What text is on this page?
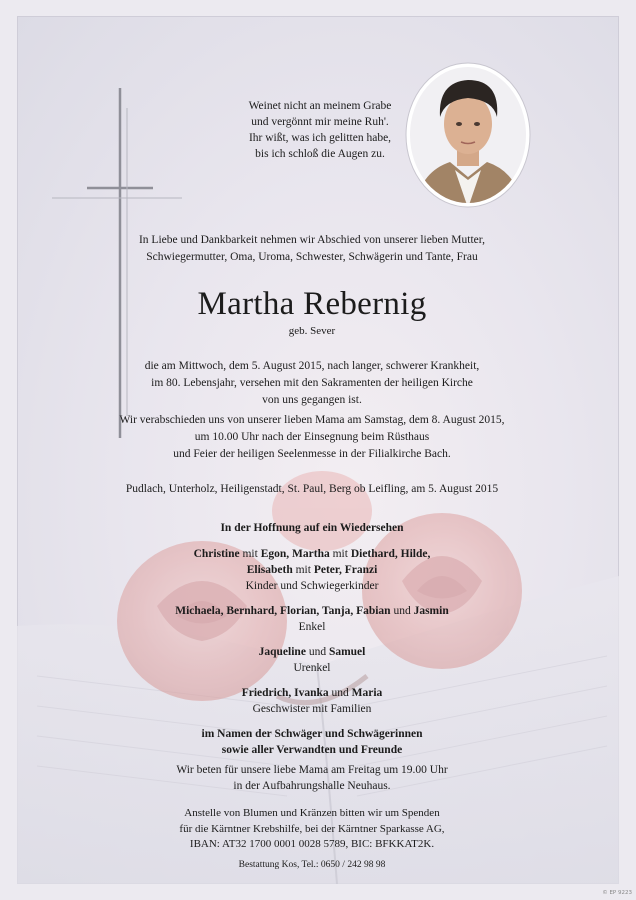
Weinet nicht an meinem Grabe
und vergönnt mir meine Ruh'.
Ihr wißt, was ich gelitten habe,
bis ich schloß die Augen zu.
In Liebe und Dankbarkeit nehmen wir Abschied von unserer lieben Mutter,
Schwiegermutter, Oma, Uroma, Schwester, Schwägerin und Tante, Frau
Martha Rebernig
geb. Sever
die am Mittwoch, dem 5. August 2015, nach langer, schwerer Krankheit,
im 80. Lebensjahr, versehen mit den Sakramenten der heiligen Kirche
von uns gegangen ist.
Wir verabschieden uns von unserer lieben Mama am Samstag, dem 8. August 2015,
um 10.00 Uhr nach der Einsegnung beim Rüsthaus
und Feier der heiligen Seelenmesse in der Filialkirche Bach.
Pudlach, Unterholz, Heiligenstadt, St. Paul, Berg ob Leifling, am 5. August 2015
In der Hoffnung auf ein Wiedersehen
Christine mit Egon, Martha mit Diethard, Hilde,
Elisabeth mit Peter, Franzi
Kinder und Schwiegerkinder
Michaela, Bernhard, Florian, Tanja, Fabian und Jasmin
Enkel
Jaqueline und Samuel
Urenkel
Friedrich, Ivanka und Maria
Geschwister mit Familien
im Namen der Schwäger und Schwägerinnen
sowie aller Verwandten und Freunde
Wir beten für unsere liebe Mama am Freitag um 19.00 Uhr
in der Aufbahrungshalle Neuhaus.
Anstelle von Blumen und Kränzen bitten wir um Spenden
für die Kärntner Krebshilfe, bei der Kärntner Sparkasse AG,
IBAN: AT32 1700 0001 0028 5789, BIC: BFKKAT2K.
Bestattung Kos, Tel.: 0650 / 242 98 98
© EP 9223
